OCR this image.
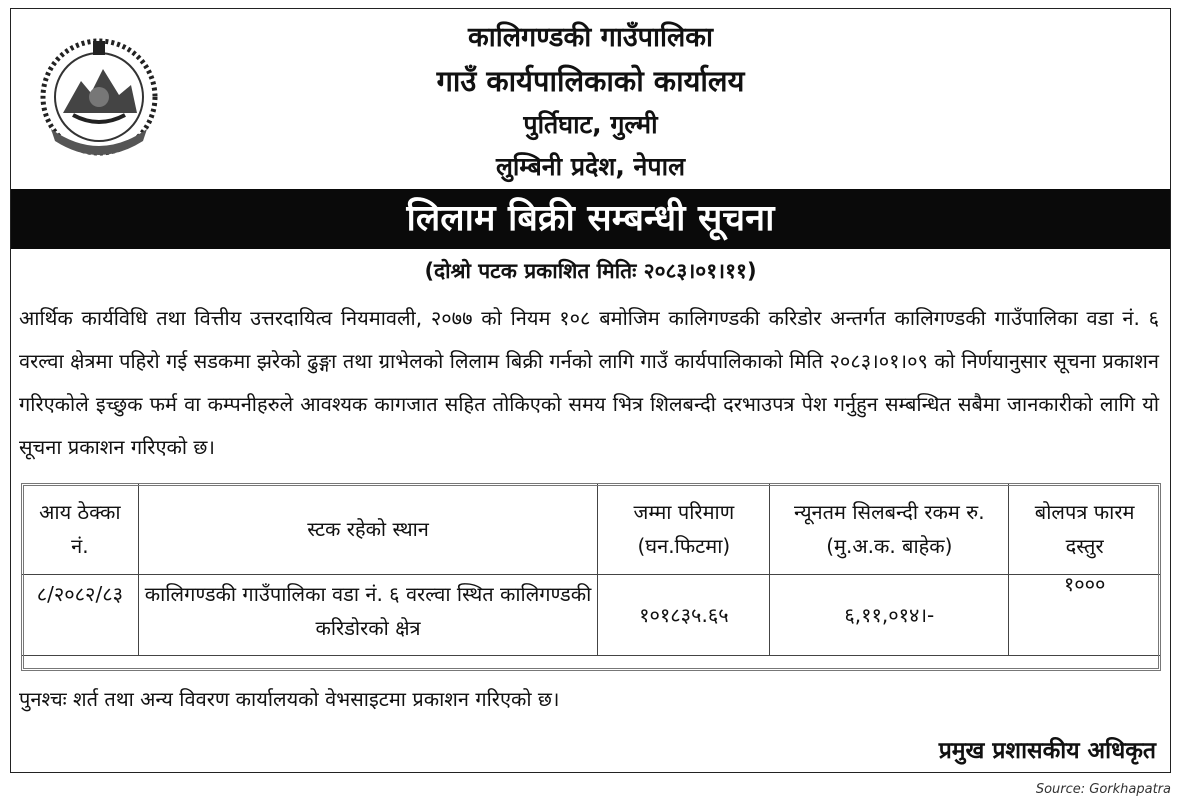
कालिगण्डकी गाउँपालिका
गाउँ कार्यपालिकाको कार्यालय
पुर्तिघाट, गुल्मी
लुम्बिनी प्रदेश, नेपाल
लिलाम बिक्री सम्बन्धी सूचना
(दोश्रो पटक प्रकाशित मितिः २०८३।०१।११)
आर्थिक कार्यविधि तथा वित्तीय उत्तरदायित्व नियमावली, २०७७ को नियम १०८ बमोजिम कालिगण्डकी करिडोर अन्तर्गत कालिगण्डकी गाउँपालिका वडा नं. ६ वरल्वा क्षेत्रमा पहिरो गई सडकमा झरेको ढुङ्गा तथा ग्राभेलको लिलाम बिक्री गर्नको लागि गाउँ कार्यपालिकाको मिति २०८३।०१।०९ को निर्णयानुसार सूचना प्रकाशन गरिएकोले इच्छुक फर्म वा कम्पनीहरुले आवश्यक कागजात सहित तोकिएको समय भित्र शिलबन्दी दरभाउपत्र पेश गर्नुहुन सम्बन्धित सबैमा जानकारीको लागि यो सूचना प्रकाशन गरिएको छ।
आय ठेक्का नं.	स्टक रहेको स्थान	जम्मा परिमाण (घन.फिटमा)	न्यूनतम सिलबन्दी रकम रु. (मु.अ.क. बाहेक)	बोलपत्र फारम दस्तुर
८/२०८२/८३	कालिगण्डकी गाउँपालिका वडा नं. ६ वरल्वा स्थित कालिगण्डकी करिडोरको क्षेत्र	१०१८३५.६५	६,११,०१४।-	१०००
पुनश्चः शर्त तथा अन्य विवरण कार्यालयको वेभसाइटमा प्रकाशन गरिएको छ।
प्रमुख प्रशासकीय अधिकृत
Source: Gorkhapatra
